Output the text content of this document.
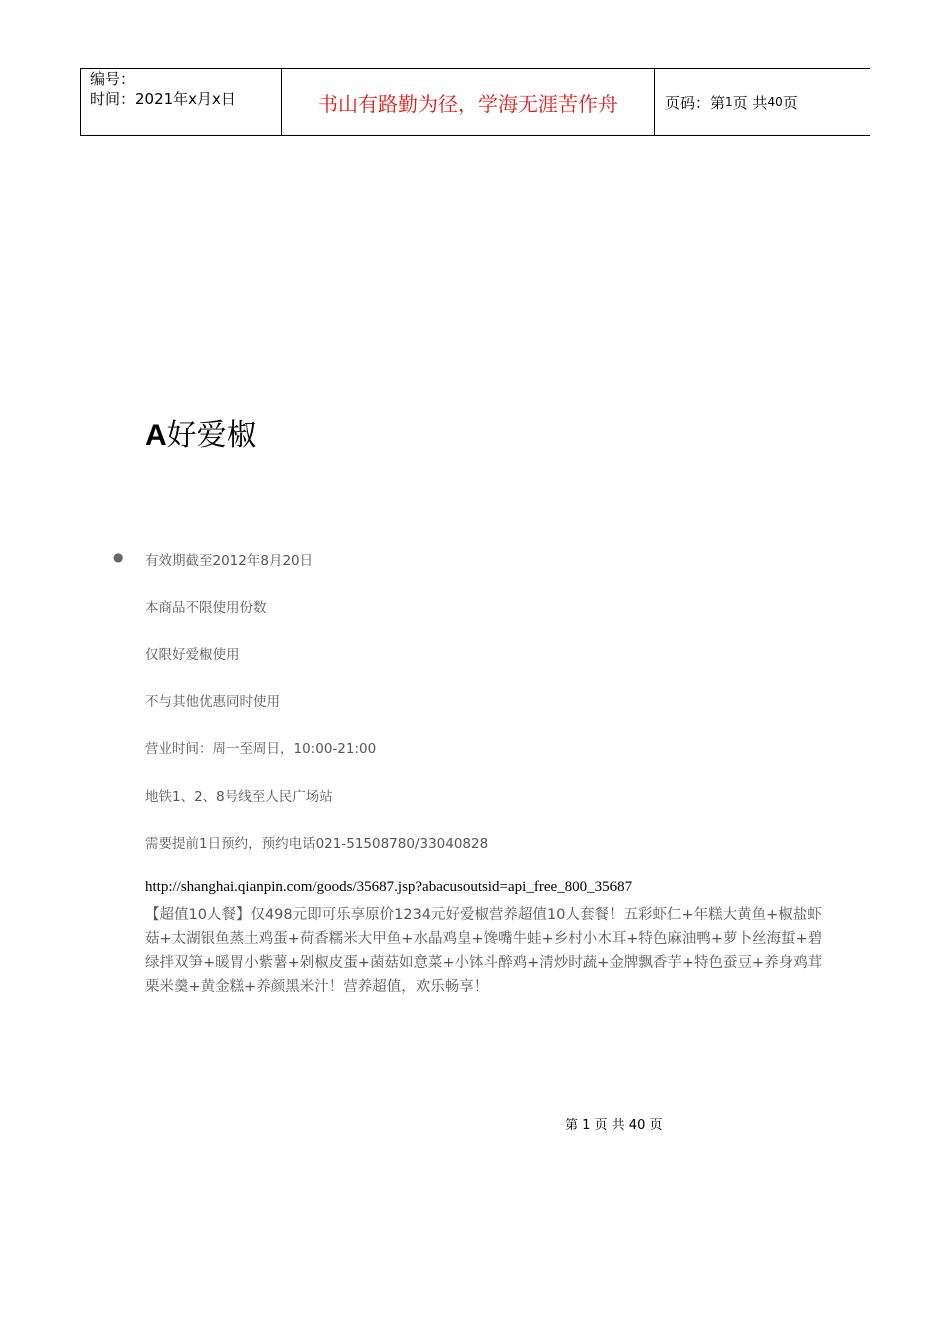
编号：
时间：2021年x月x日	书山有路勤为径，学海无涯苦作舟	页码：第 1 页 共 40 页
A好爱椒
● 有效期截至2012年8月20日
本商品不限使用份数
仅限好爱椒使用
不与其他优惠同时使用
营业时间：周一至周日，10:00-21:00
地铁1、2、8号线至人民广场站
需要提前1日预约，预约电话021-51508780/33040828
http://shanghai.qianpin.com/goods/35687.jsp?abacusoutsid=api_free_800_35687

【超值10人餐】仅498元即可乐享原价1234元好爱椒营养超值10人套餐！五彩虾仁+年糕大黄鱼+椒盐虾菇+太湖银鱼蒸土鸡蛋+荷香糯米大甲鱼+水晶鸡皇+馋嘴牛蛙+乡村小木耳+特色麻油鸭+萝卜丝海蜇+碧绿拌双笋+暖胃小紫薯+剁椒皮蛋+菌菇如意菜+小钵斗醉鸡+清炒时蔬+金牌飘香芋+特色蚕豆+养身鸡茸栗米羹+黄金糕+养颜黑米汁！营养超值，欢乐畅享！

第 1 页 共 40 页
